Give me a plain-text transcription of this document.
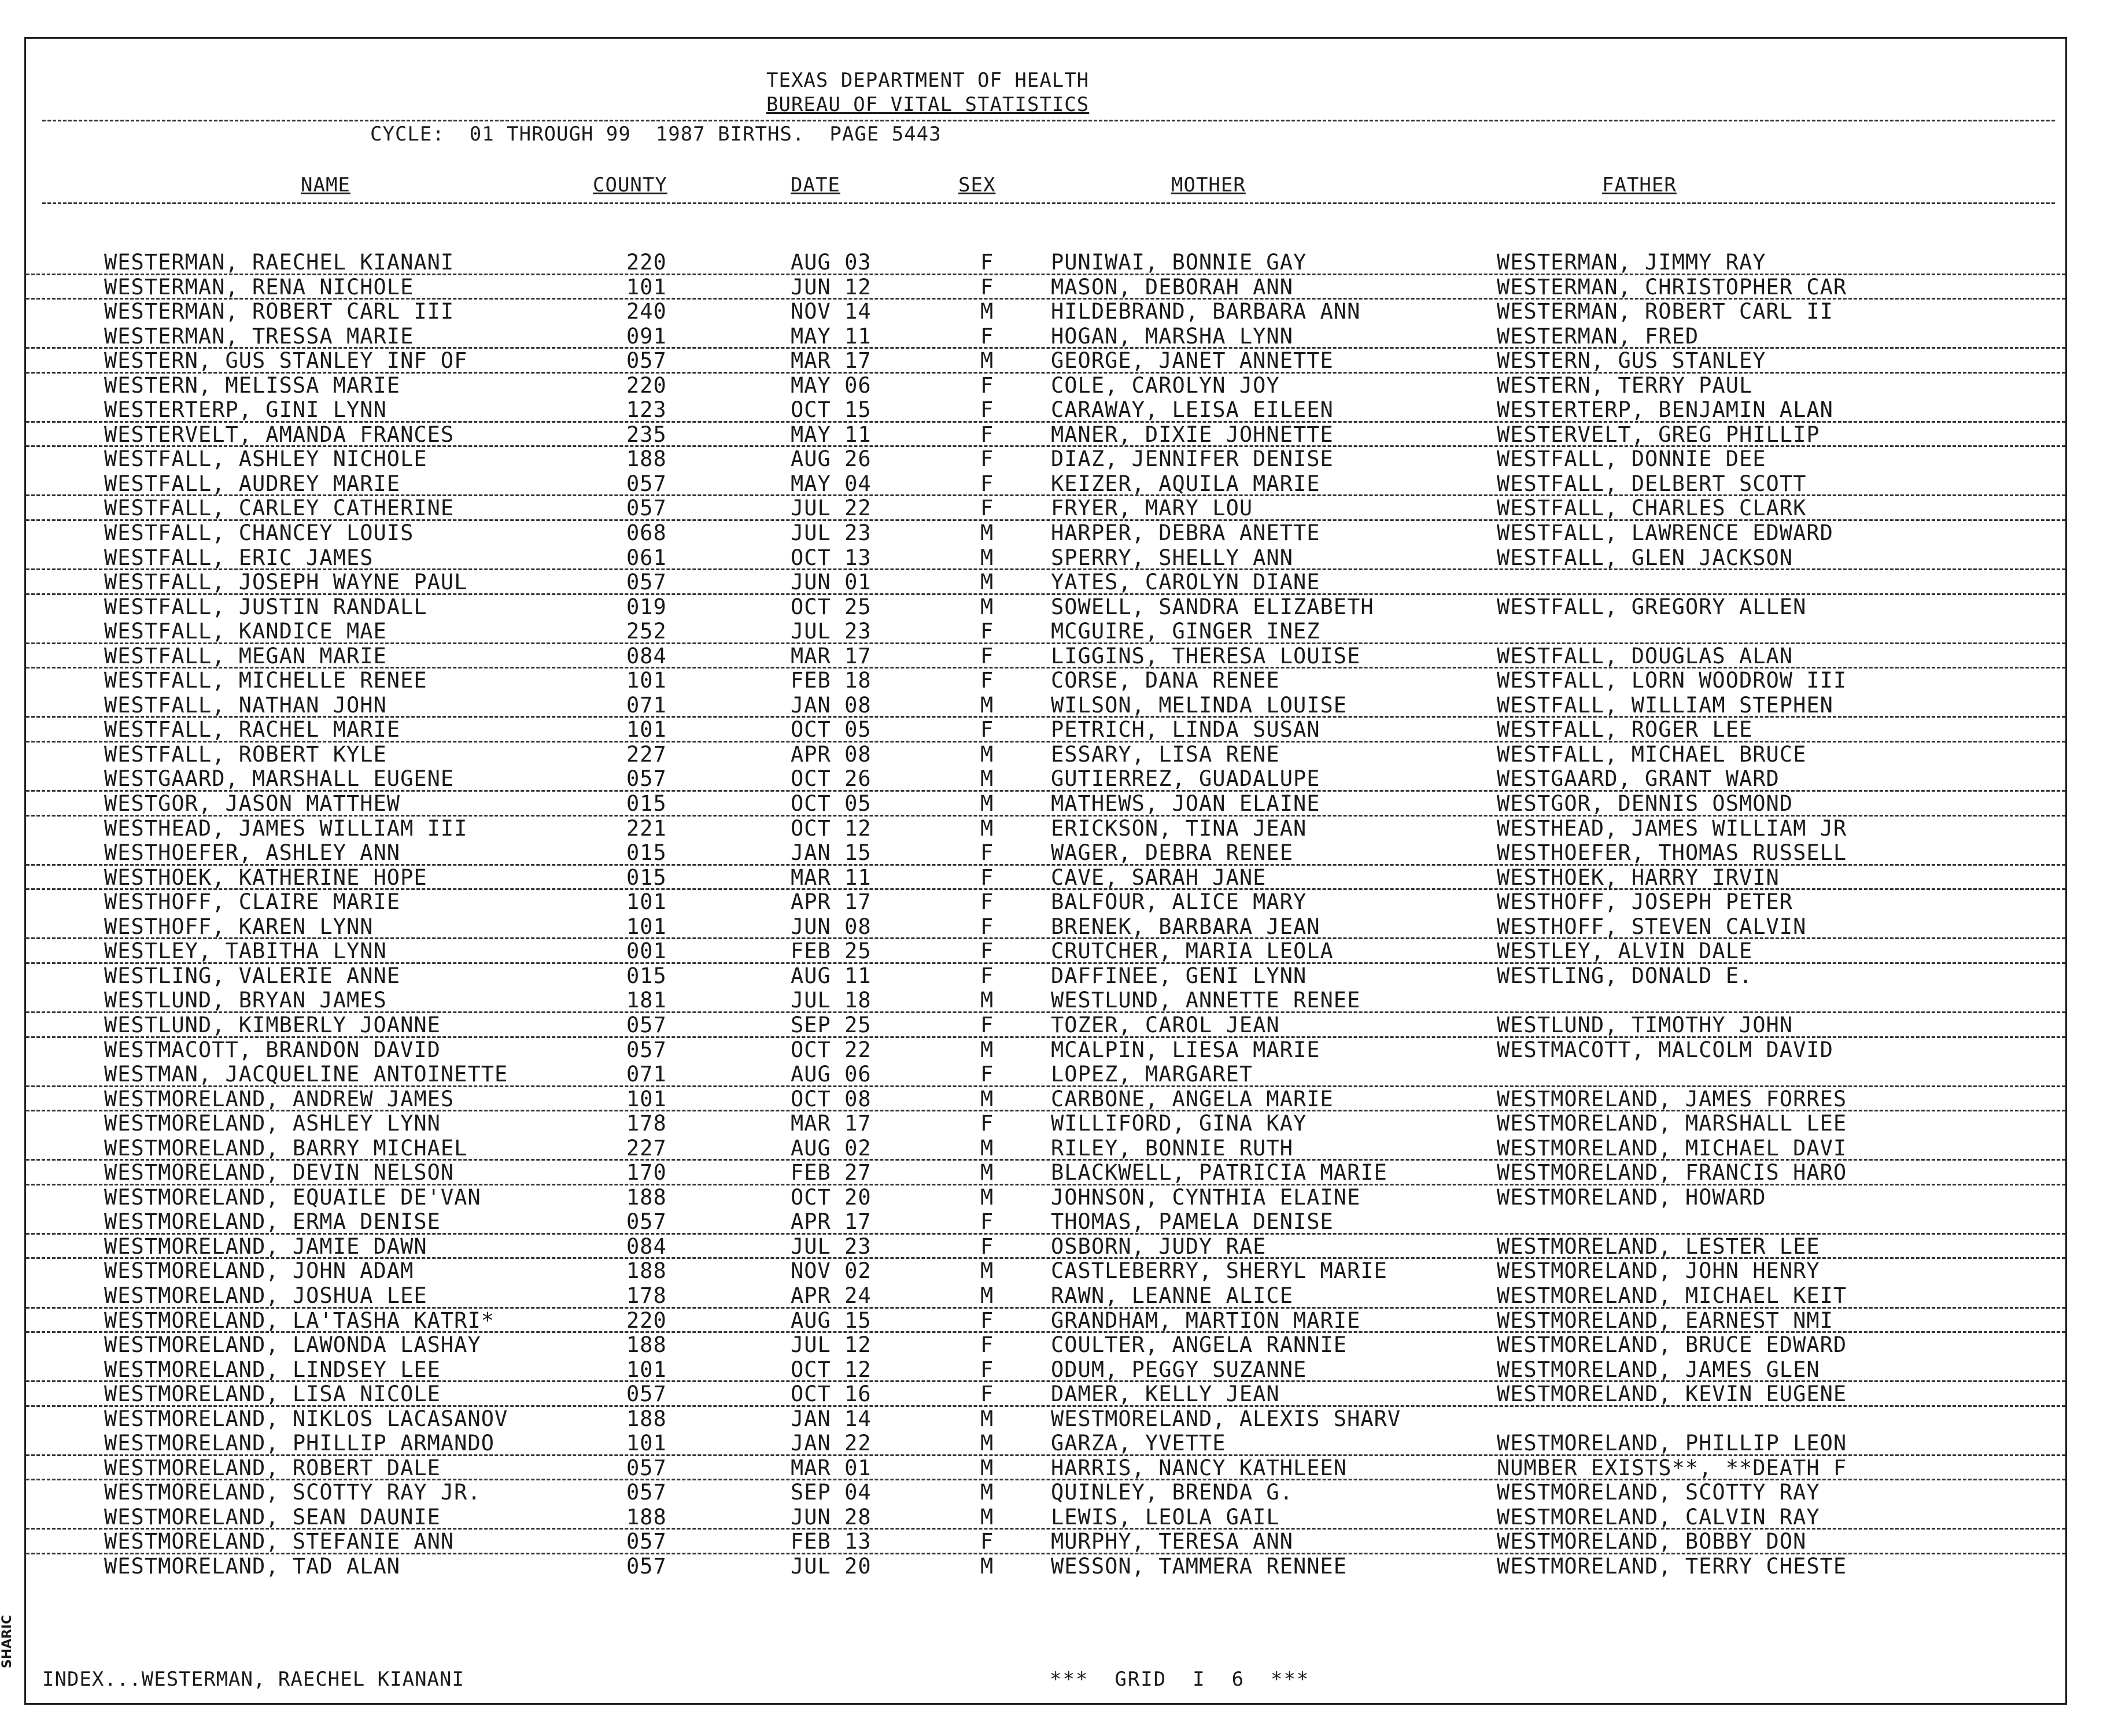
TEXAS DEPARTMENT OF HEALTH
BUREAU OF VITAL STATISTICS
CYCLE:  01 THROUGH 99  1987 BIRTHS.  PAGE 5443
NAME	COUNTY	DATE	SEX	MOTHER	FATHER
WESTERMAN, RAECHEL KIANANI	220	AUG 03	F	PUNIWAI, BONNIE GAY	WESTERMAN, JIMMY RAY
WESTERMAN, RENA NICHOLE	101	JUN 12	F	MASON, DEBORAH ANN	WESTERMAN, CHRISTOPHER CAR
WESTERMAN, ROBERT CARL III	240	NOV 14	M	HILDEBRAND, BARBARA ANN	WESTERMAN, ROBERT CARL II
WESTERMAN, TRESSA MARIE	091	MAY 11	F	HOGAN, MARSHA LYNN	WESTERMAN, FRED
WESTERN, GUS STANLEY INF OF	057	MAR 17	M	GEORGE, JANET ANNETTE	WESTERN, GUS STANLEY
WESTERN, MELISSA MARIE	220	MAY 06	F	COLE, CAROLYN JOY	WESTERN, TERRY PAUL
WESTERTERP, GINI LYNN	123	OCT 15	F	CARAWAY, LEISA EILEEN	WESTERTERP, BENJAMIN ALAN
WESTERVELT, AMANDA FRANCES	235	MAY 11	F	MANER, DIXIE JOHNETTE	WESTERVELT, GREG PHILLIP
WESTFALL, ASHLEY NICHOLE	188	AUG 26	F	DIAZ, JENNIFER DENISE	WESTFALL, DONNIE DEE
WESTFALL, AUDREY MARIE	057	MAY 04	F	KEIZER, AQUILA MARIE	WESTFALL, DELBERT SCOTT
WESTFALL, CARLEY CATHERINE	057	JUL 22	F	FRYER, MARY LOU	WESTFALL, CHARLES CLARK
WESTFALL, CHANCEY LOUIS	068	JUL 23	M	HARPER, DEBRA ANETTE	WESTFALL, LAWRENCE EDWARD
WESTFALL, ERIC JAMES	061	OCT 13	M	SPERRY, SHELLY ANN	WESTFALL, GLEN JACKSON
WESTFALL, JOSEPH WAYNE PAUL	057	JUN 01	M	YATES, CAROLYN DIANE
WESTFALL, JUSTIN RANDALL	019	OCT 25	M	SOWELL, SANDRA ELIZABETH	WESTFALL, GREGORY ALLEN
WESTFALL, KANDICE MAE	252	JUL 23	F	MCGUIRE, GINGER INEZ
WESTFALL, MEGAN MARIE	084	MAR 17	F	LIGGINS, THERESA LOUISE	WESTFALL, DOUGLAS ALAN
WESTFALL, MICHELLE RENEE	101	FEB 18	F	CORSE, DANA RENEE	WESTFALL, LORN WOODROW III
WESTFALL, NATHAN JOHN	071	JAN 08	M	WILSON, MELINDA LOUISE	WESTFALL, WILLIAM STEPHEN
WESTFALL, RACHEL MARIE	101	OCT 05	F	PETRICH, LINDA SUSAN	WESTFALL, ROGER LEE
WESTFALL, ROBERT KYLE	227	APR 08	M	ESSARY, LISA RENE	WESTFALL, MICHAEL BRUCE
WESTGAARD, MARSHALL EUGENE	057	OCT 26	M	GUTIERREZ, GUADALUPE	WESTGAARD, GRANT WARD
WESTGOR, JASON MATTHEW	015	OCT 05	M	MATHEWS, JOAN ELAINE	WESTGOR, DENNIS OSMOND
WESTHEAD, JAMES WILLIAM III	221	OCT 12	M	ERICKSON, TINA JEAN	WESTHEAD, JAMES WILLIAM JR
WESTHOEFER, ASHLEY ANN	015	JAN 15	F	WAGER, DEBRA RENEE	WESTHOEFER, THOMAS RUSSELL
WESTHOEK, KATHERINE HOPE	015	MAR 11	F	CAVE, SARAH JANE	WESTHOEK, HARRY IRVIN
WESTHOFF, CLAIRE MARIE	101	APR 17	F	BALFOUR, ALICE MARY	WESTHOFF, JOSEPH PETER
WESTHOFF, KAREN LYNN	101	JUN 08	F	BRENEK, BARBARA JEAN	WESTHOFF, STEVEN CALVIN
WESTLEY, TABITHA LYNN	001	FEB 25	F	CRUTCHER, MARIA LEOLA	WESTLEY, ALVIN DALE
WESTLING, VALERIE ANNE	015	AUG 11	F	DAFFINEE, GENI LYNN	WESTLING, DONALD E.
WESTLUND, BRYAN JAMES	181	JUL 18	M	WESTLUND, ANNETTE RENEE
WESTLUND, KIMBERLY JOANNE	057	SEP 25	F	TOZER, CAROL JEAN	WESTLUND, TIMOTHY JOHN
WESTMACOTT, BRANDON DAVID	057	OCT 22	M	MCALPIN, LIESA MARIE	WESTMACOTT, MALCOLM DAVID
WESTMAN, JACQUELINE ANTOINETTE	071	AUG 06	F	LOPEZ, MARGARET
WESTMORELAND, ANDREW JAMES	101	OCT 08	M	CARBONE, ANGELA MARIE	WESTMORELAND, JAMES FORRES
WESTMORELAND, ASHLEY LYNN	178	MAR 17	F	WILLIFORD, GINA KAY	WESTMORELAND, MARSHALL LEE
WESTMORELAND, BARRY MICHAEL	227	AUG 02	M	RILEY, BONNIE RUTH	WESTMORELAND, MICHAEL DAVI
WESTMORELAND, DEVIN NELSON	170	FEB 27	M	BLACKWELL, PATRICIA MARIE	WESTMORELAND, FRANCIS HARO
WESTMORELAND, EQUAILE DE'VAN	188	OCT 20	M	JOHNSON, CYNTHIA ELAINE	WESTMORELAND, HOWARD
WESTMORELAND, ERMA DENISE	057	APR 17	F	THOMAS, PAMELA DENISE
WESTMORELAND, JAMIE DAWN	084	JUL 23	F	OSBORN, JUDY RAE	WESTMORELAND, LESTER LEE
WESTMORELAND, JOHN ADAM	188	NOV 02	M	CASTLEBERRY, SHERYL MARIE	WESTMORELAND, JOHN HENRY
WESTMORELAND, JOSHUA LEE	178	APR 24	M	RAWN, LEANNE ALICE	WESTMORELAND, MICHAEL KEIT
WESTMORELAND, LA'TASHA KATRI*	220	AUG 15	F	GRANDHAM, MARTION MARIE	WESTMORELAND, EARNEST NMI
WESTMORELAND, LAWONDA LASHAY	188	JUL 12	F	COULTER, ANGELA RANNIE	WESTMORELAND, BRUCE EDWARD
WESTMORELAND, LINDSEY LEE	101	OCT 12	F	ODUM, PEGGY SUZANNE	WESTMORELAND, JAMES GLEN
WESTMORELAND, LISA NICOLE	057	OCT 16	F	DAMER, KELLY JEAN	WESTMORELAND, KEVIN EUGENE
WESTMORELAND, NIKLOS LACASANOV	188	JAN 14	M	WESTMORELAND, ALEXIS SHARV
WESTMORELAND, PHILLIP ARMANDO	101	JAN 22	M	GARZA, YVETTE	WESTMORELAND, PHILLIP LEON
WESTMORELAND, ROBERT DALE	057	MAR 01	M	HARRIS, NANCY KATHLEEN	NUMBER EXISTS**, **DEATH F
WESTMORELAND, SCOTTY RAY JR.	057	SEP 04	M	QUINLEY, BRENDA G.	WESTMORELAND, SCOTTY RAY
WESTMORELAND, SEAN DAUNIE	188	JUN 28	M	LEWIS, LEOLA GAIL	WESTMORELAND, CALVIN RAY
WESTMORELAND, STEFANIE ANN	057	FEB 13	F	MURPHY, TERESA ANN	WESTMORELAND, BOBBY DON
WESTMORELAND, TAD ALAN	057	JUL 20	M	WESSON, TAMMERA RENNEE	WESTMORELAND, TERRY CHESTE
INDEX...WESTERMAN, RAECHEL KIANANI	***  GRID  I  6  ***
SHARIC
